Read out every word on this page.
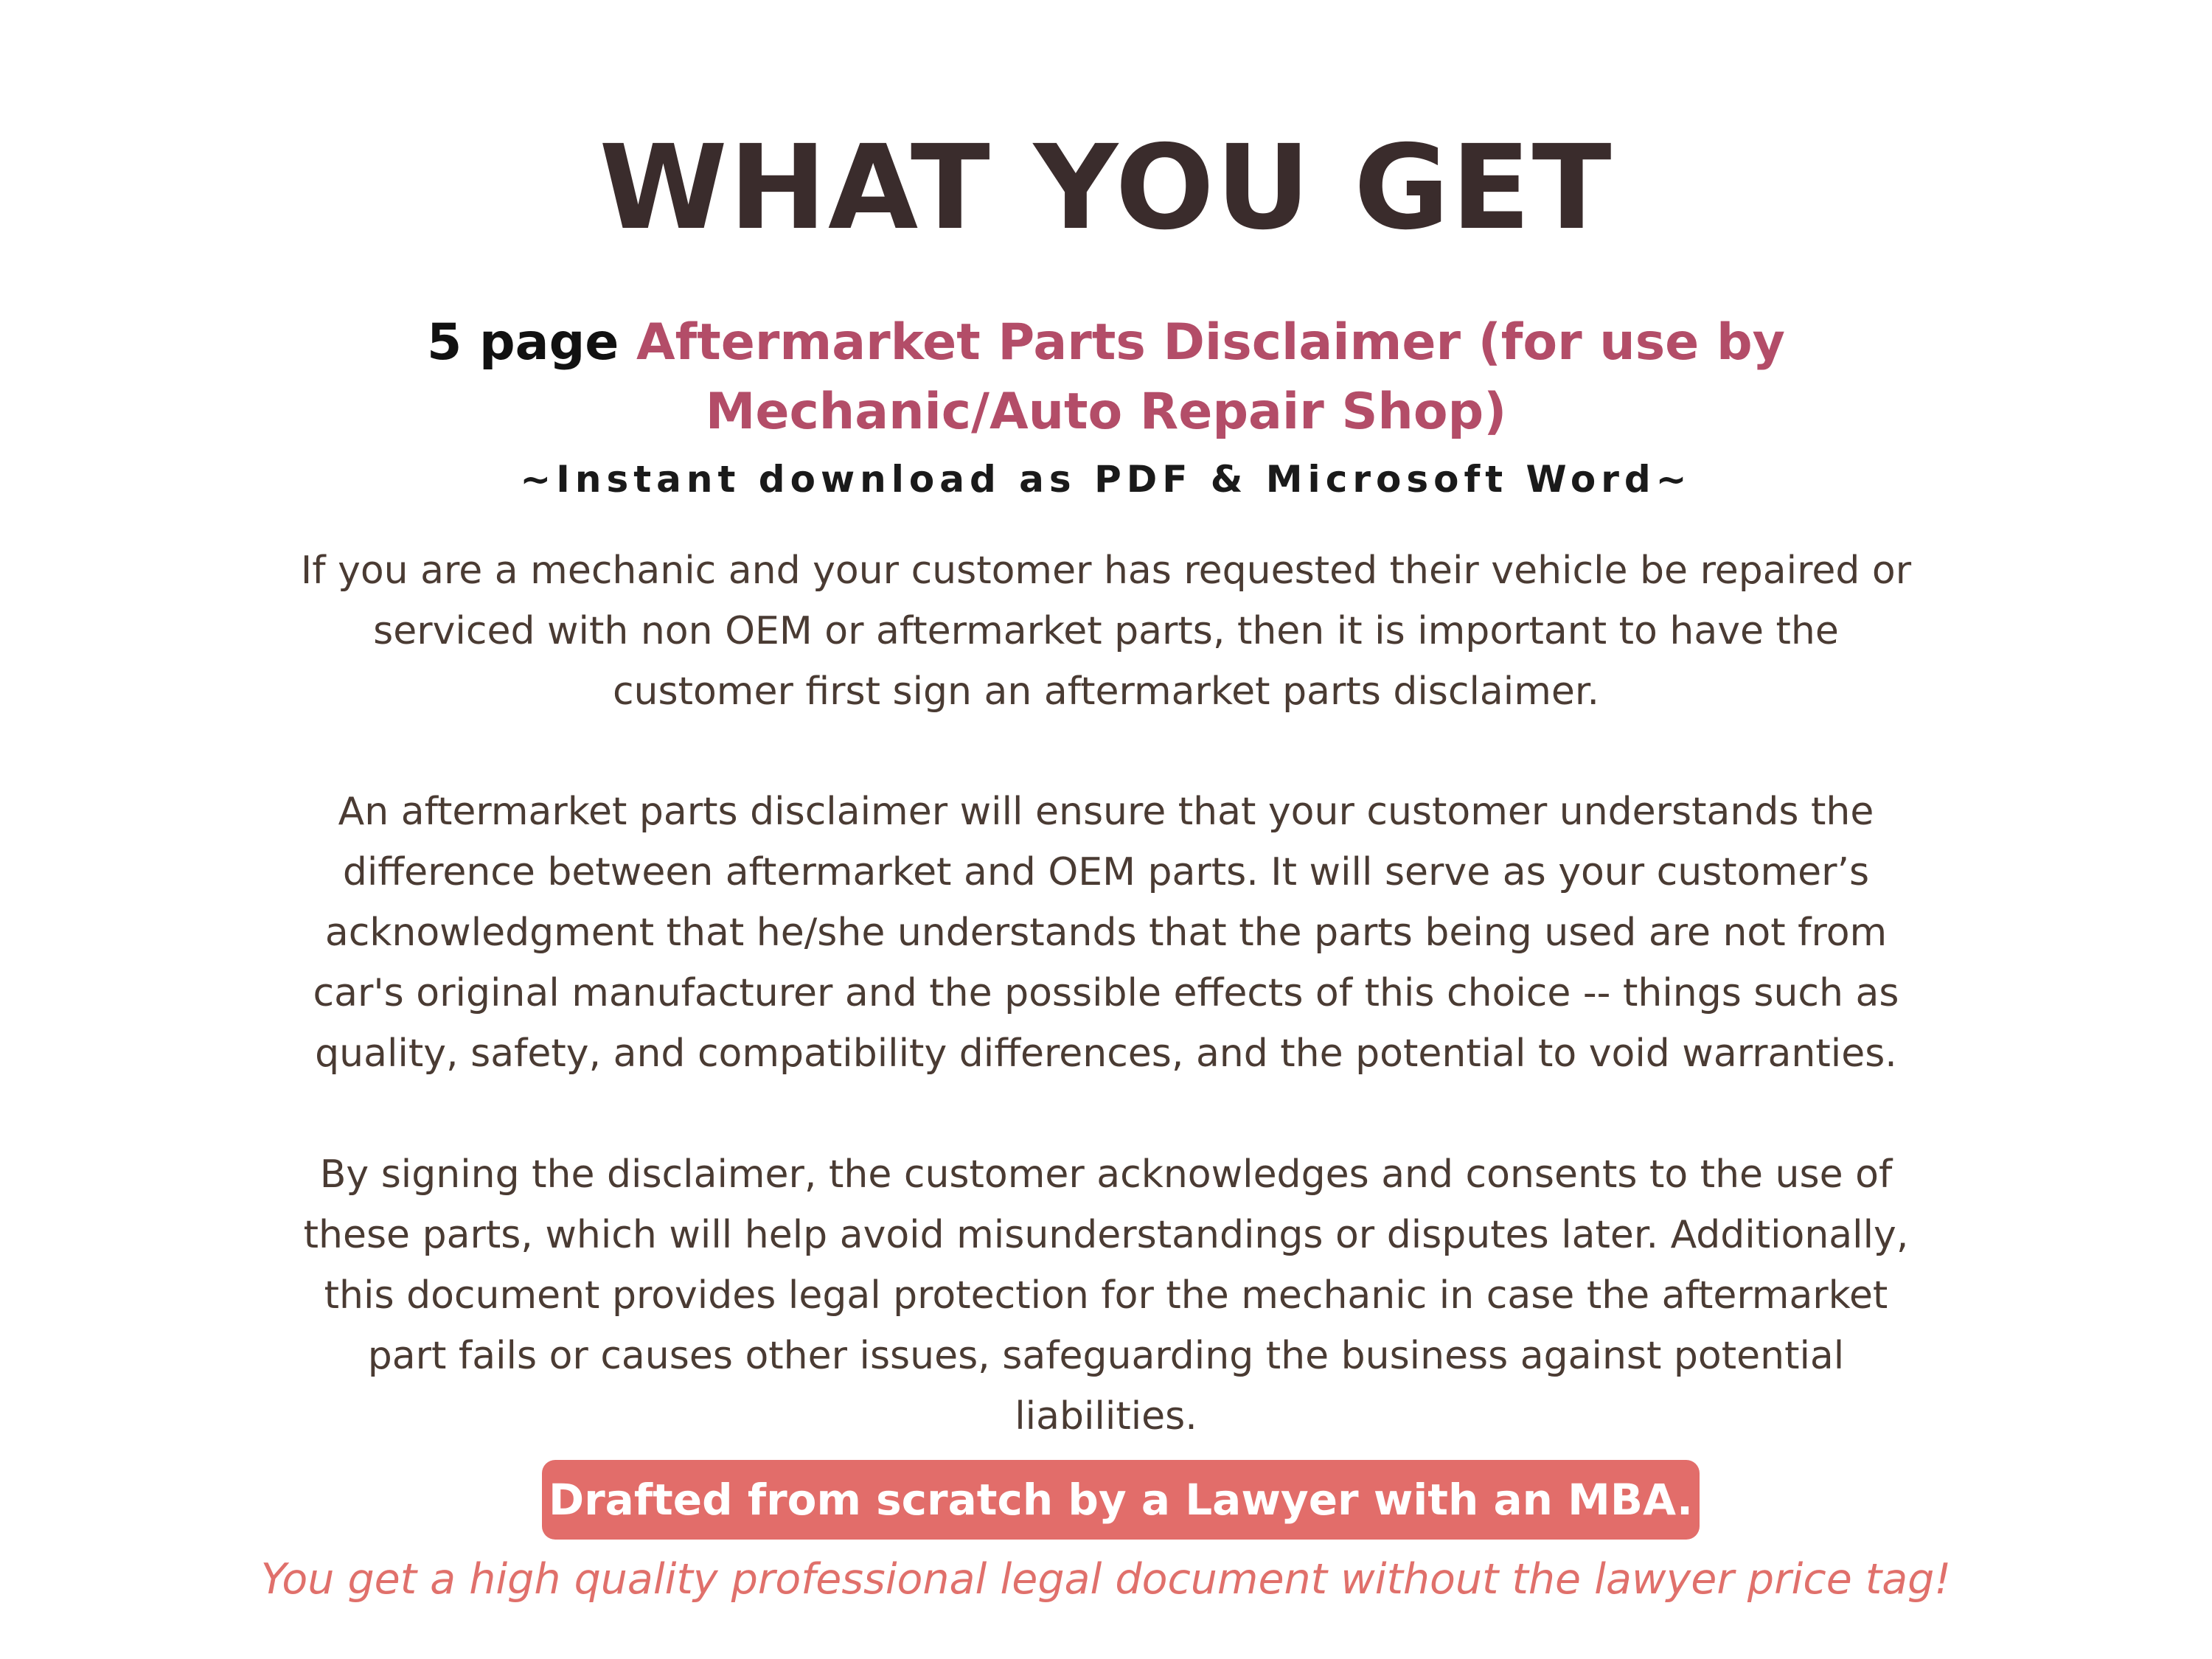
WHAT YOU GET

5 page Aftermarket Parts Disclaimer (for use by Mechanic/Auto Repair Shop)

~Instant download as PDF & Microsoft Word~

If you are a mechanic and your customer has requested their vehicle be repaired or serviced with non OEM or aftermarket parts, then it is important to have the customer first sign an aftermarket parts disclaimer.

An aftermarket parts disclaimer will ensure that your customer understands the difference between aftermarket and OEM parts. It will serve as your customer’s acknowledgment that he/she understands that the parts being used are not from car's original manufacturer and the possible effects of this choice -- things such as quality, safety, and compatibility differences, and the potential to void warranties.

By signing the disclaimer, the customer acknowledges and consents to the use of these parts, which will help avoid misunderstandings or disputes later. Additionally, this document provides legal protection for the mechanic in case the aftermarket part fails or causes other issues, safeguarding the business against potential liabilities.

Drafted from scratch by a Lawyer with an MBA.

You get a high quality professional legal document without the lawyer price tag!
